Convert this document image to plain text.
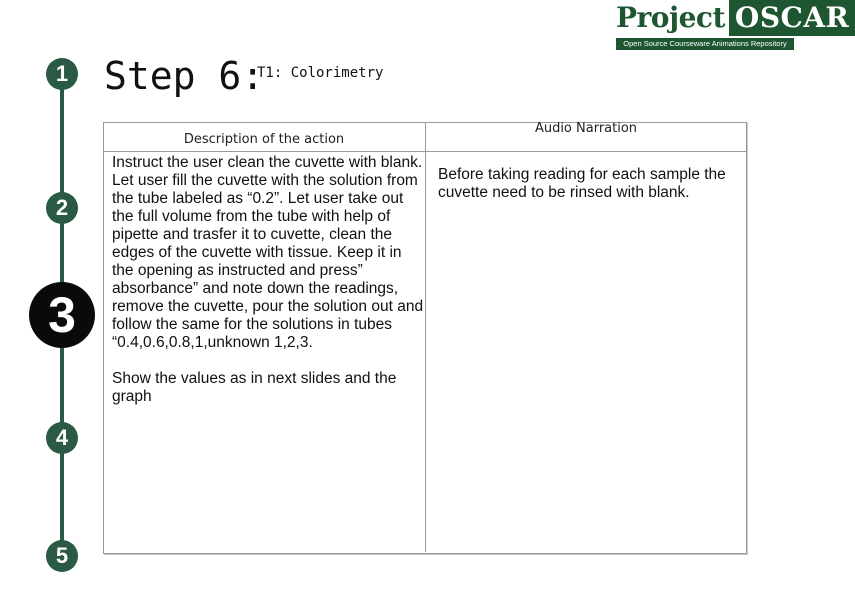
Project OSCAR
Open Source Courseware Animations Repository
1
2
3
4
5
Step 6:
T1: Colorimetry
Description of the action
Audio Narration

Instruct the user clean the cuvette with blank. Let user fill the cuvette with the solution from the tube labeled as “0.2”. Let user take out the full volume from the tube with help of pipette and trasfer it to cuvette, clean the edges of the cuvette with tissue. Keep it in the opening as instructed and press” absorbance” and note down the readings, remove the cuvette, pour the solution out and follow the same for the solutions in tubes “0.4,0.6,0.8,1,unknown 1,2,3.

Show the values as in next slides and the graph

Before taking reading for each sample the cuvette need to be rinsed with blank.
